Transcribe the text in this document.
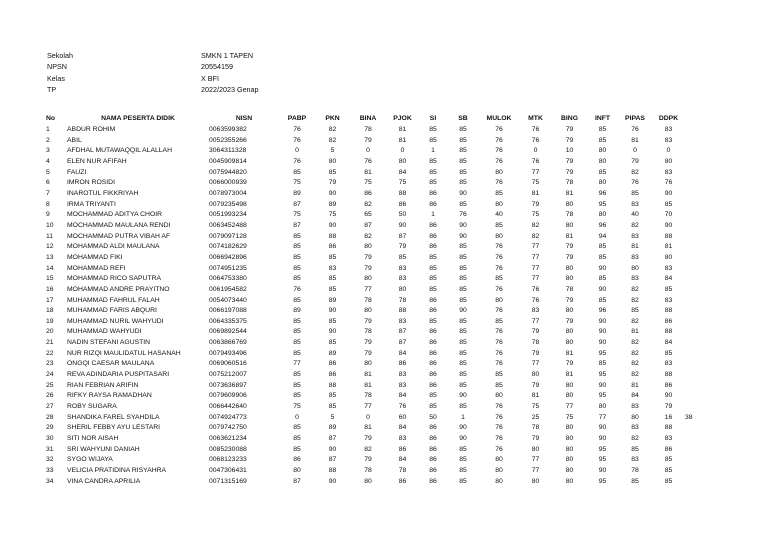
Sekolah	SMKN 1 TAPEN
NPSN	20554159
Kelas	X BFI
TP	2022/2023 Genap
No	NAMA PESERTA DIDIK	NISN	PABP	PKN	BINA	PJOK	SI	SB	MULOK	MTK	BING	INFT	PIPAS	DDPK	
1	ABDUR ROHIM	0063599382	76	82	78	81	85	85	76	76	79	85	76	83	
2	ABIL	0052355266	76	82	79	81	85	85	76	76	79	85	81	83	
3	AFDHAL MUTAWAQQIL ALALLAH	3064311328	0	5	0	0	1	85	76	0	10	80	0	0	
4	ELEN NUR AFIFAH	0045909814	76	80	76	80	85	85	76	76	79	80	79	80	
5	FAUZI	0075944820	85	85	81	84	85	85	80	77	79	85	82	83	
6	IMRON ROSIDI	0066000939	75	79	75	75	85	85	76	75	78	80	76	76	
7	INAROTUL FIKKRIYAH	0078973004	89	90	86	88	86	90	85	81	81	96	85	90	
8	IRMA TRIYANTI	0079235498	87	89	82	86	86	85	80	79	80	95	83	85	
9	MOCHAMMAD ADITYA CHOIR	0051993234	75	75	65	50	1	76	40	75	78	80	40	70	
10	MOCHAMMAD MAULANA RENDI	0063452488	87	90	87	90	86	90	85	82	80	96	82	90	
11	MOCHAMMAD PUTRA VIBAH AF	0079097128	85	88	82	87	86	90	80	82	81	94	83	88	
12	MOHAMMAD ALDI MAULANA	0074182629	85	86	80	79	86	85	76	77	79	85	81	81	
13	MOHAMMAD FIKI	0066942896	85	85	79	85	85	85	76	77	79	85	83	80	
14	MOHAMMAD REFI	0074951235	85	83	79	83	85	85	76	77	80	90	80	83	
15	MOHAMMAD RICO SAPUTRA	0064753380	85	85	80	83	85	85	85	77	80	85	83	84	
16	MOHAMMAD ANDRE PRAYITNO	0061954582	76	85	77	80	85	85	76	76	78	90	82	85	
17	MUHAMMAD FAHRUL FALAH	0054073440	85	89	78	78	86	85	80	76	79	85	82	83	
18	MUHAMMAD FARIS ABQURI	0066197088	89	90	80	88	86	90	76	83	80	96	85	88	
19	MUHAMMAD NURIL WAHYUDI	0064335375	85	85	79	83	85	85	85	77	79	90	82	86	
20	MUHAMMAD WAHYUDI	0069892544	85	90	78	87	86	85	76	79	80	90	81	88	
21	NADIN STEFANI AGUSTIN	0063866769	85	85	79	87	86	85	76	78	80	90	82	84	
22	NUR RIZQI MAULIDATUL HASANAH	0079493496	85	89	79	84	86	85	76	79	81	95	82	85	
23	ONGQI CAESAR MAULANA	0069060516	77	86	80	86	86	85	76	77	79	85	82	83	
24	REVA ADINDARIA PUSPITASARI	0075212007	85	86	81	83	86	85	85	80	81	95	82	88	
25	RIAN FEBRIAN ARIFIN	0073636897	85	88	81	83	86	85	85	79	80	90	81	86	
26	RIFKY RAYSA RAMADHAN	0079609906	85	85	78	84	85	90	80	81	80	95	84	90	
27	ROBY SUGARA	0066442640	75	85	77	76	85	85	76	75	77	80	83	79	
28	SHANDIKA FAREL SYAHDILA	0074924773	0	5	0	60	50	1	76	25	75	77	80	16	38
29	SHERIL FEBBY AYU LESTARI	0079742750	85	89	81	84	86	90	76	78	80	90	83	88	
30	SITI NOR AISAH	0063621234	85	87	79	83	86	90	76	79	80	90	82	83	
31	SRI WAHYUNI DANIAH	0085230088	85	90	82	86	86	85	76	80	80	95	85	86	
32	SYGO WIJAYA	0068123233	86	87	79	84	86	85	80	77	80	95	83	85	
33	VELICIA PRATIDINA RISYAHRA	0047306431	80	88	78	78	86	85	80	77	80	90	78	85	
34	VINA CANDRA APRILIA	0071315169	87	90	80	86	86	85	80	80	80	95	85	85	
